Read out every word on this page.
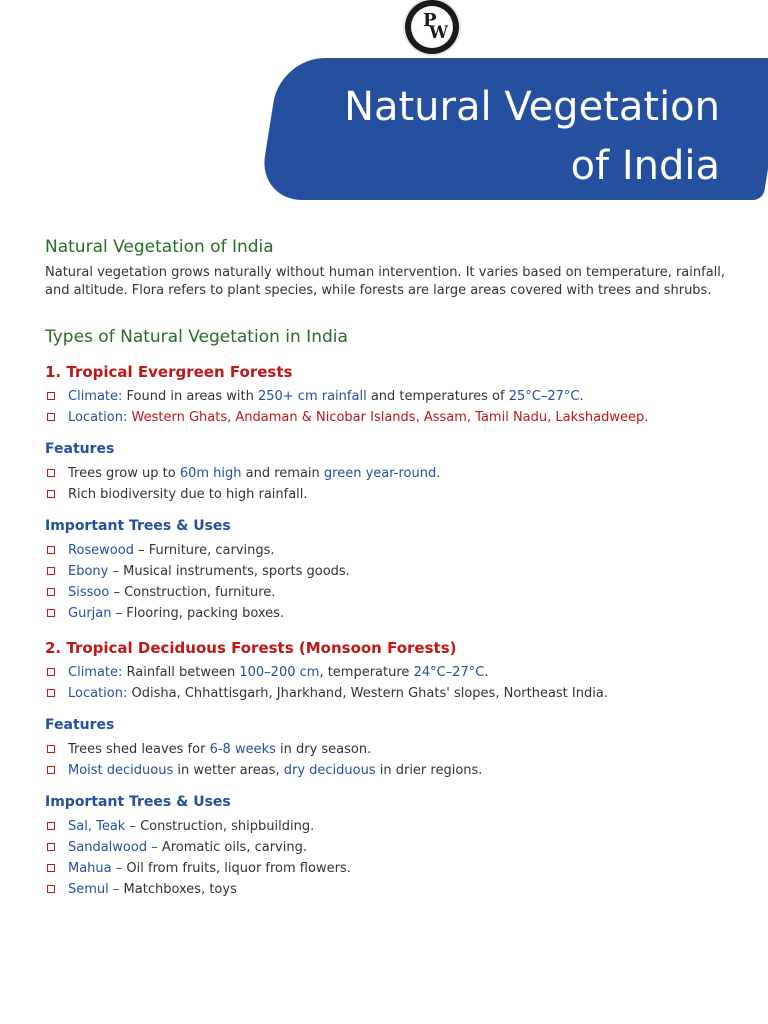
P
W
Natural Vegetation
of India
Natural Vegetation of India

Natural vegetation grows naturally without human intervention. It varies based on temperature, rainfall, and altitude. Flora refers to plant species, while forests are large areas covered with trees and shrubs.

Types of Natural Vegetation in India
1. Tropical Evergreen Forests
Climate: Found in areas with 250+ cm rainfall and temperatures of 25°C–27°C.
Location: Western Ghats, Andaman & Nicobar Islands, Assam, Tamil Nadu, Lakshadweep.
Features
Trees grow up to 60m high and remain green year-round.
Rich biodiversity due to high rainfall.
Important Trees & Uses
Rosewood – Furniture, carvings.
Ebony – Musical instruments, sports goods.
Sissoo – Construction, furniture.
Gurjan – Flooring, packing boxes.
2. Tropical Deciduous Forests (Monsoon Forests)
Climate: Rainfall between 100–200 cm, temperature 24°C–27°C.
Location: Odisha, Chhattisgarh, Jharkhand, Western Ghats' slopes, Northeast India.
Features
Trees shed leaves for 6-8 weeks in dry season.
Moist deciduous in wetter areas, dry deciduous in drier regions.
Important Trees & Uses
Sal, Teak – Construction, shipbuilding.
Sandalwood – Aromatic oils, carving.
Mahua – Oil from fruits, liquor from flowers.
Semul – Matchboxes, toys
